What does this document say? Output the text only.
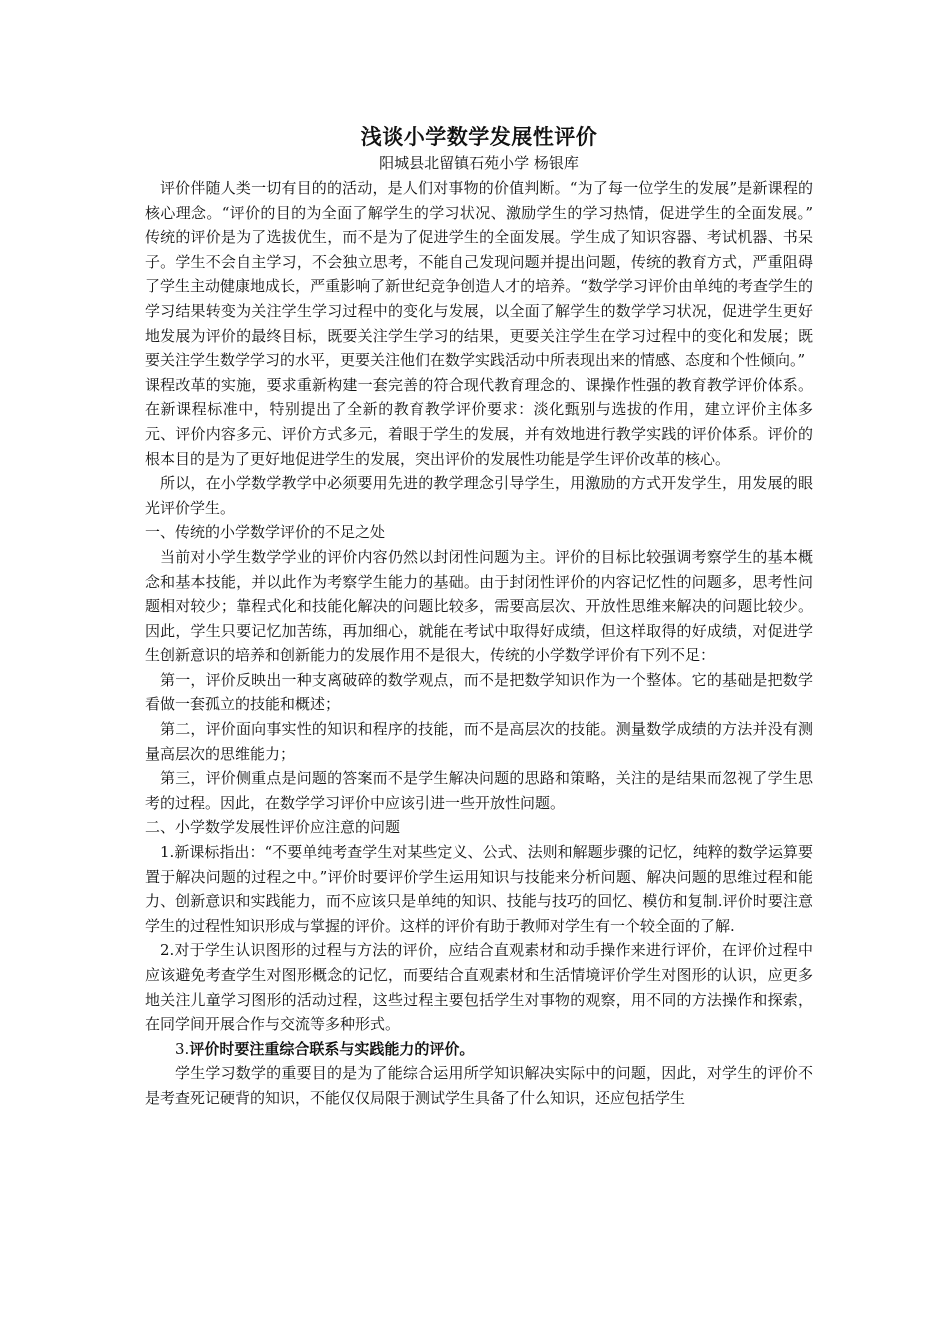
浅谈小学数学发展性评价
阳城县北留镇石苑小学 杨银库

评价伴随人类一切有目的的活动，是人们对事物的价值判断。“为了每一位学生的发展”是新课程的核心理念。“评价的目的为全面了解学生的学习状况、激励学生的学习热情，促进学生的全面发展。” 传统的评价是为了选拔优生，而不是为了促进学生的全面发展。学生成了知识容器、考试机器、书呆子。学生不会自主学习，不会独立思考，不能自己发现问题并提出问题，传统的教育方式，严重阻碍了学生主动健康地成长，严重影响了新世纪竞争创造人才的培养。“数学学习评价由单纯的考查学生的学习结果转变为关注学生学习过程中的变化与发展，以全面了解学生的数学学习状况，促进学生更好地发展为评价的最终目标，既要关注学生学习的结果，更要关注学生在学习过程中的变化和发展；既要关注学生数学学习的水平，更要关注他们在数学实践活动中所表现出来的情感、态度和个性倾向。”

课程改革的实施，要求重新构建一套完善的符合现代教育理念的、课操作性强的教育教学评价体系。在新课程标准中，特别提出了全新的教育教学评价要求：淡化甄别与选拔的作用，建立评价主体多元、评价内容多元、评价方式多元，着眼于学生的发展，并有效地进行教学实践的评价体系。评价的根本目的是为了更好地促进学生的发展，突出评价的发展性功能是学生评价改革的核心。

所以，在小学数学教学中必须要用先进的教学理念引导学生，用激励的方式开发学生，用发展的眼光评价学生。

一、传统的小学数学评价的不足之处

当前对小学生数学学业的评价内容仍然以封闭性问题为主。评价的目标比较强调考察学生的基本概念和基本技能，并以此作为考察学生能力的基础。由于封闭性评价的内容记忆性的问题多，思考性问题相对较少；靠程式化和技能化解决的问题比较多，需要高层次、开放性思维来解决的问题比较少。因此，学生只要记忆加苦练，再加细心，就能在考试中取得好成绩，但这样取得的好成绩，对促进学生创新意识的培养和创新能力的发展作用不是很大，传统的小学数学评价有下列不足：

第一，评价反映出一种支离破碎的数学观点，而不是把数学知识作为一个整体。它的基础是把数学看做一套孤立的技能和概述；

第二，评价面向事实性的知识和程序的技能，而不是高层次的技能。测量数学成绩的方法并没有测量高层次的思维能力；

第三，评价侧重点是问题的答案而不是学生解决问题的思路和策略，关注的是结果而忽视了学生思考的过程。因此，在数学学习评价中应该引进一些开放性问题。

二、小学数学发展性评价应注意的问题

1.新课标指出：“不要单纯考查学生对某些定义、公式、法则和解题步骤的记忆，纯粹的数学运算要置于解决问题的过程之中。”评价时要评价学生运用知识与技能来分析问题、解决问题的思维过程和能力、创新意识和实践能力，而不应该只是单纯的知识、技能与技巧的回忆、模仿和复制.评价时要注意学生的过程性知识形成与掌握的评价。这样的评价有助于教师对学生有一个较全面的了解.

2.对于学生认识图形的过程与方法的评价，应结合直观素材和动手操作来进行评价，在评价过程中应该避免考查学生对图形概念的记忆，而要结合直观素材和生活情境评价学生对图形的认识，应更多地关注儿童学习图形的活动过程，这些过程主要包括学生对事物的观察，用不同的方法操作和探索，在同学间开展合作与交流等多种形式。

3.评价时要注重综合联系与实践能力的评价。

学生学习数学的重要目的是为了能综合运用所学知识解决实际中的问题，因此，对学生的评价不是考查死记硬背的知识，不能仅仅局限于测试学生具备了什么知识，还应包括学生
